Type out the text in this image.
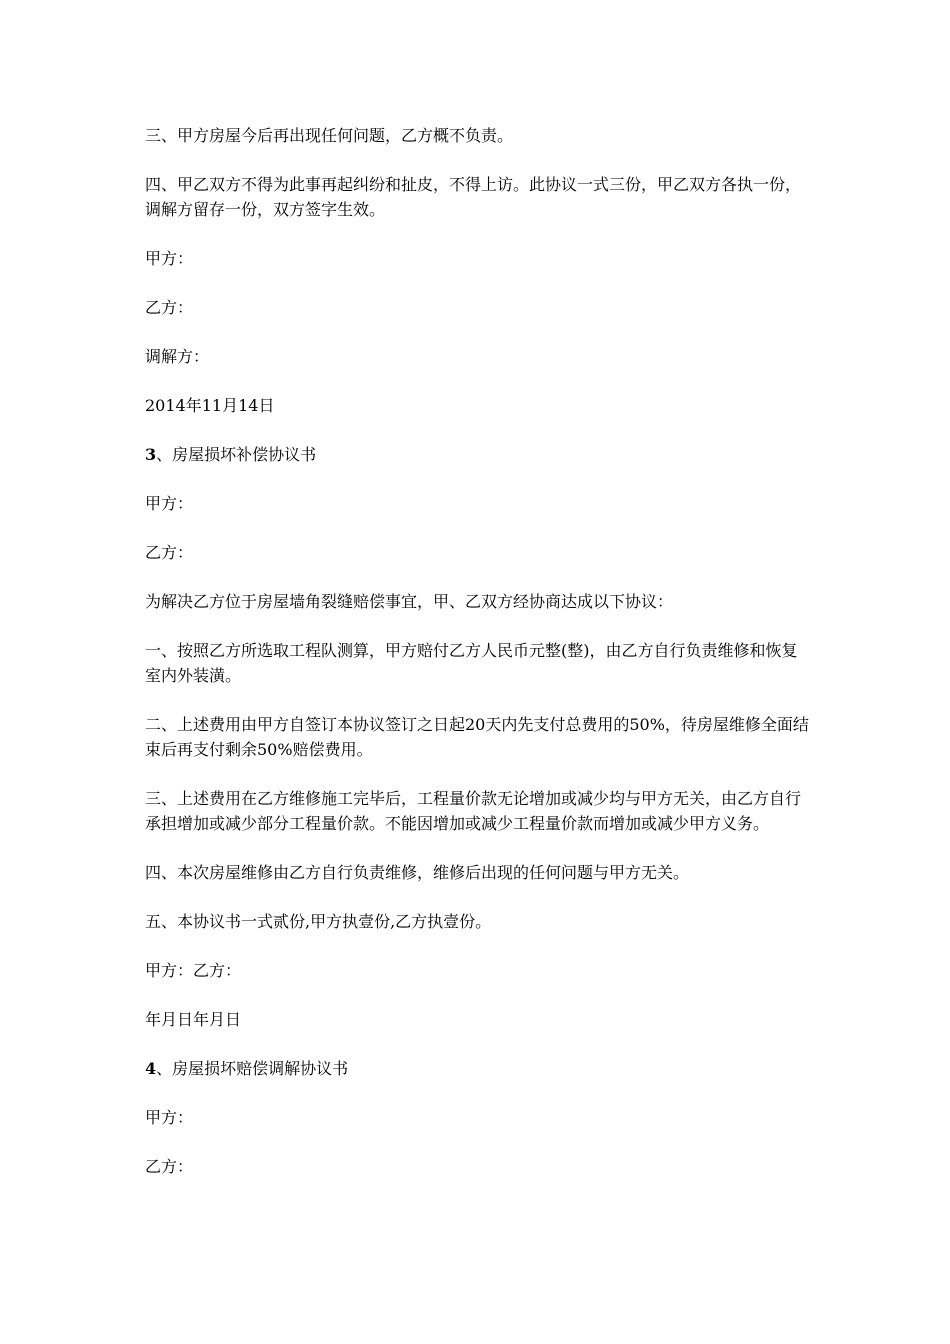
三、甲方房屋今后再出现任何问题，乙方概不负责。

四、甲乙双方不得为此事再起纠纷和扯皮，不得上访。此协议一式三份，甲乙双方各执一份，调解方留存一份，双方签字生效。

甲方：

乙方：

调解方：

2014年11月14日

3、房屋损坏补偿协议书

甲方：

乙方：

为解决乙方位于房屋墙角裂缝赔偿事宜，甲、乙双方经协商达成以下协议：

一、按照乙方所选取工程队测算，甲方赔付乙方人民币元整(整)，由乙方自行负责维修和恢复室内外装潢。

二、上述费用由甲方自签订本协议签订之日起20天内先支付总费用的50%，待房屋维修全面结束后再支付剩余50%赔偿费用。

三、上述费用在乙方维修施工完毕后，工程量价款无论增加或减少均与甲方无关，由乙方自行承担增加或减少部分工程量价款。不能因增加或减少工程量价款而增加或减少甲方义务。

四、本次房屋维修由乙方自行负责维修，维修后出现的任何问题与甲方无关。

五、本协议书一式贰份,甲方执壹份,乙方执壹份。

甲方：乙方：

年月日年月日

4、房屋损坏赔偿调解协议书

甲方：

乙方：
